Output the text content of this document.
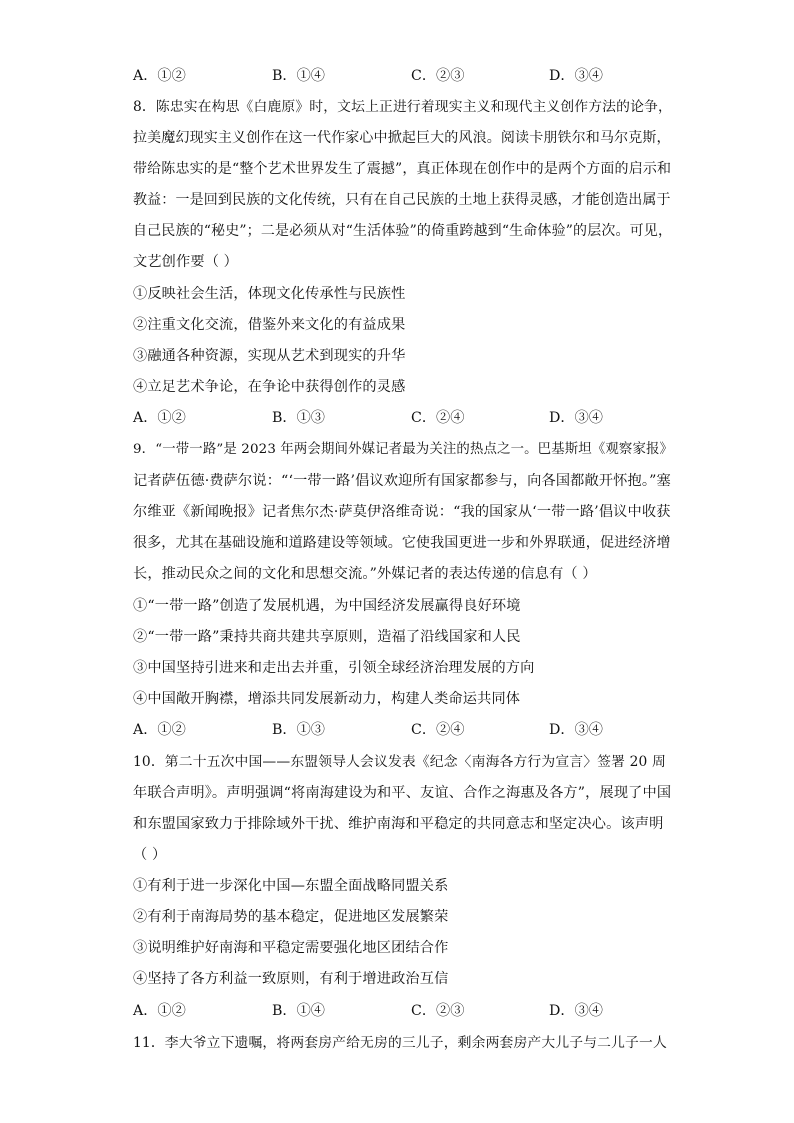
A．①②	B．①④	C．②③	D．③④
8．陈忠实在构思《白鹿原》时，文坛上正进行着现实主义和现代主义创作方法的论争，
拉美魔幻现实主义创作在这一代作家心中掀起巨大的风浪。阅读卡朋铁尔和马尔克斯，
带给陈忠实的是“整个艺术世界发生了震撼”，真正体现在创作中的是两个方面的启示和
教益：一是回到民族的文化传统，只有在自己民族的土地上获得灵感，才能创造出属于
自己民族的“秘史”；二是必须从对“生活体验”的倚重跨越到“生命体验”的层次。可见，
文艺创作要（ ）
①反映社会生活，体现文化传承性与民族性
②注重文化交流，借鉴外来文化的有益成果
③融通各种资源，实现从艺术到现实的升华
④立足艺术争论，在争论中获得创作的灵感
A．①②	B．①③	C．②④	D．③④
9．“一带一路”是 2023 年两会期间外媒记者最为关注的热点之一。巴基斯坦《观察家报》
记者萨伍德·费萨尔说：“‘一带一路’倡议欢迎所有国家都参与，向各国都敞开怀抱。”塞
尔维亚《新闻晚报》记者焦尔杰·萨莫伊洛维奇说：“我的国家从‘一带一路’倡议中收获
很多，尤其在基础设施和道路建设等领域。它使我国更进一步和外界联通，促进经济增
长，推动民众之间的文化和思想交流。”外媒记者的表达传递的信息有（ ）
①“一带一路”创造了发展机遇，为中国经济发展赢得良好环境
②“一带一路”秉持共商共建共享原则，造福了沿线国家和人民
③中国坚持引进来和走出去并重，引领全球经济治理发展的方向
④中国敞开胸襟，增添共同发展新动力，构建人类命运共同体
A．①②	B．①③	C．②④	D．③④
10．第二十五次中国——东盟领导人会议发表《纪念〈南海各方行为宣言〉签署 20 周
年联合声明》。声明强调“将南海建设为和平、友谊、合作之海惠及各方”，展现了中国
和东盟国家致力于排除域外干扰、维护南海和平稳定的共同意志和坚定决心。该声明
（ ）
①有利于进一步深化中国—东盟全面战略同盟关系
②有利于南海局势的基本稳定，促进地区发展繁荣
③说明维护好南海和平稳定需要强化地区团结合作
④坚持了各方利益一致原则，有利于增进政治互信
A．①②	B．①④	C．②③	D．③④
11．李大爷立下遗嘱，将两套房产给无房的三儿子，剩余两套房产大儿子与二儿子一人
